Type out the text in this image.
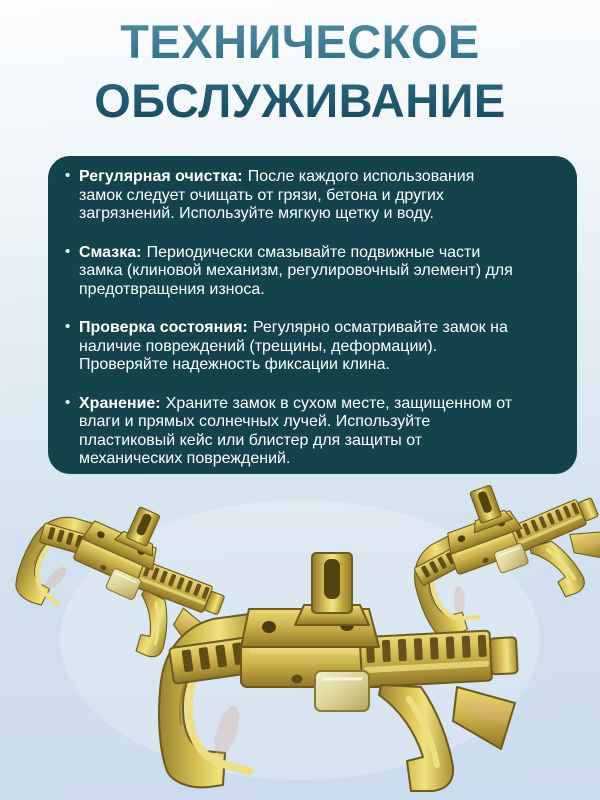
ТЕХНИЧЕСКОЕ
ОБСЛУЖИВАНИЕ
• Регулярная очистка: После каждого использования замок следует очищать от грязи, бетона и других загрязнений. Используйте мягкую щетку и воду.
• Смазка: Периодически смазывайте подвижные части замка (клиновой механизм, регулировочный элемент) для предотвращения износа.
• Проверка состояния: Регулярно осматривайте замок на наличие повреждений (трещины, деформации). Проверяйте надежность фиксации клина.
• Хранение: Храните замок в сухом месте, защищенном от влаги и прямых солнечных лучей. Используйте пластиковый кейс или блистер для защиты от механических повреждений.
